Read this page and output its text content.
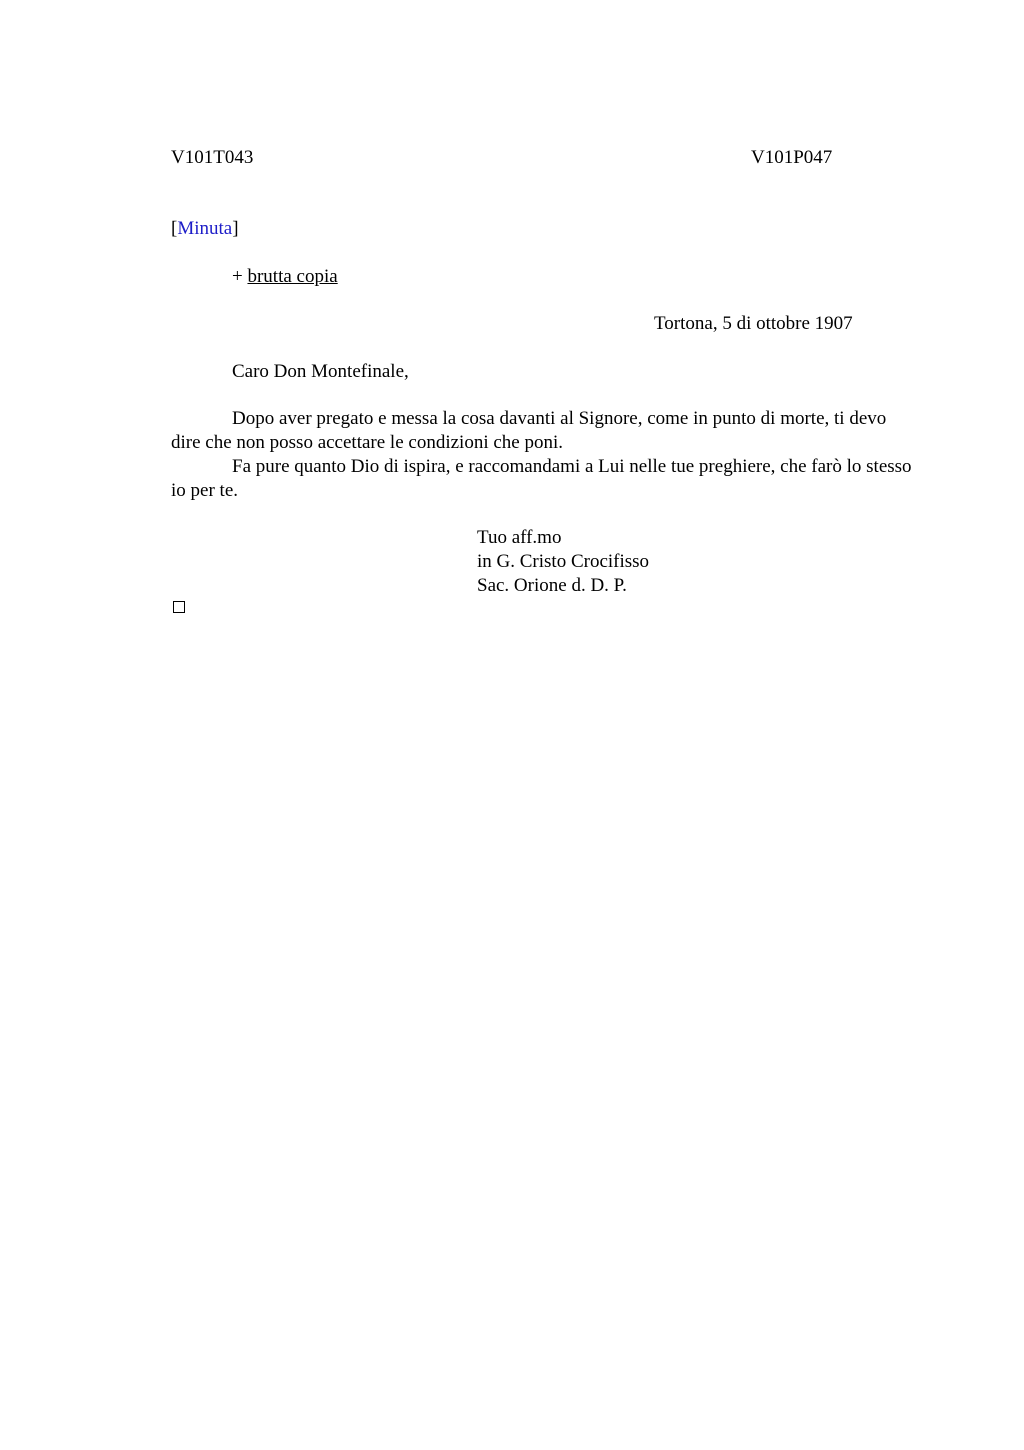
V101T043	V101P047
[Minuta]
+ brutta copia
Tortona, 5 di ottobre 1907
Caro Don Montefinale,

Dopo aver pregato e messa la cosa davanti al Signore, come in punto di morte, ti devo dire che non posso accettare le condizioni che poni.

Fa pure quanto Dio di ispira, e raccomandami a Lui nelle tue preghiere, che farò lo stesso io per te.

Tuo aff.mo
in G. Cristo Crocifisso
Sac. Orione d. D. P.
